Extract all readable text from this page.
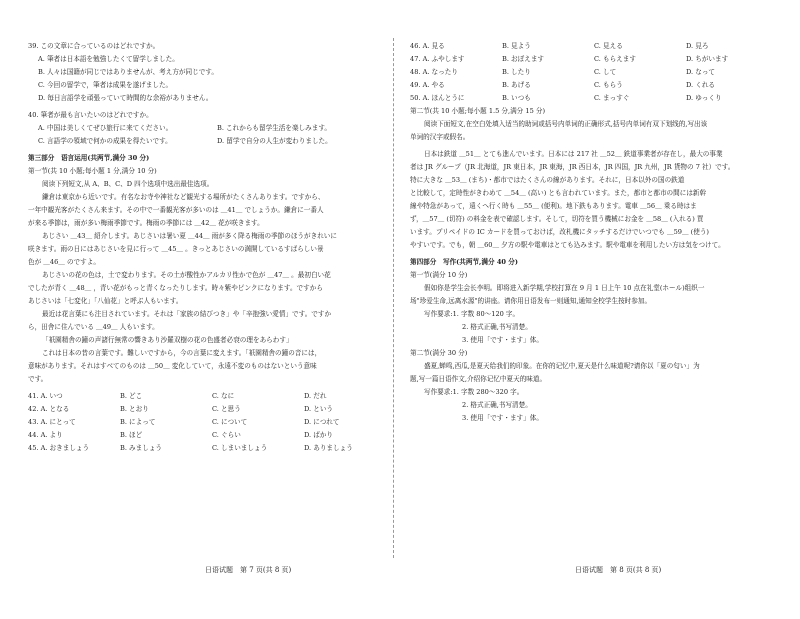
39. この文章に合っているのはどれですか。
A. 筆者は日本語を勉強したくて留学しました。
B. 人々は国籍が同じではありませんが、考え方が同じです。
C. 今回の留学で，筆者は成果を遂げました。
D. 毎日言語学を頑張っていて時間的な余裕がありません。
40. 筆者が最も言いたいのはどれですか。
A. 中国は美しくてぜひ旅行に来てください。	B. これからも留学生活を楽しみます。
C. 言語学の領域で何かの成果を得たいです。	D. 留学で自分の人生が変わりました。
第三部分　语言运用(共两节,满分 30 分)
第一节(共 10 小题;每小题 1 分,满分 10 分)
阅读下列短文,从 A、B、C、D 四个选项中选出最佳选项。
鎌倉は東京から近いです。有名なお寺や神社など観光する場所がたくさんあります。ですから、
一年中観光客がたくさん来ます。その中で一番観光客が多いのは ＿41＿ でしょうか。鎌倉に一番人
が来る季節は，雨が多い梅雨季節です。梅雨の季節には ＿42＿ 花が咲きます。
あじさい ＿43＿ 紹介します。あじさいは暑い夏 ＿44＿ 雨が多く降る梅雨の季節のほうがきれいに
咲きます。雨の日にはあじさいを見に行って ＿45＿ 。きっとあじさいの満開しているすばらしい景
色が ＿46＿ のですよ。
あじさいの花の色は，土で変わります。その土が酸性かアルカリ性かで色が ＿47＿ 。最初白い花
でしたが青く ＿48＿ ，青い花がもっと青くなったりします。時々紫やピンクになります。ですから
あじさいは「七変化」「八仙花」と呼ぶ人もいます。
最近は花言葉にも注目されています。それは「家族の結びつき」や「辛抱強い愛情」です。ですか
ら，田舎に住んでいる ＿49＿ 人もいます。
「祇園精舎の鐘の声諸行無常の響きあり沙羅双樹の花の色盛者必衰の理をあらわす」
これは日本の昔の言葉です。難しいですから，今の言葉に変えます。「祇園精舎の鐘の音には，
意味があります。それはすべてのものは ＿50＿ 変化していて，永遠不変のものはないという意味
です。
41. A. いつ	B. どこ	C. なに	D. だれ
42. A. となる	B. とおり	C. と思う	D. という
43. A. にとって	B. によって	C. について	D. につれて
44. A. より	B. ほど	C. ぐらい	D. ばかり
45. A. おきましょう	B. みましょう	C. しまいましょう	D. ありましょう
46. A. 見る	B. 見よう	C. 見える	D. 見ろ
47. A. ふやします	B. おぼえます	C. もらえます	D. ちがいます
48. A. なったり	B. したり	C. して	D. なって
49. A. やる	B. あげる	C. もらう	D. くれる
50. A. ほんとうに	B. いつも	C. まっすぐ	D. ゆっくり
第二节(共 10 小题;每小题 1.5 分,满分 15 分)
阅读下面短文,在空白处填入适当的助词或括号内单词的正确形式,括号内单词有双下划线的,写出该
单词的汉字或假名。
日本は鉄道 ＿51＿ とても進んでいます。日本には 217 社 ＿52＿ 鉄道事業者が存在し，最大の事業
者は JR グループ（JR 北海道，JR 東日本，JR 東海，JR 西日本，JR 四国，JR 九州，JR 貨物の 7 社）です。
特に大きな ＿53＿ (まち)・都市ではたくさんの線があります。それに，日本以外の国の鉄道
と比較して，定時性がきわめて ＿54＿ (高い) とも言われています。また，都市と都市の間には新幹
線や特急があって，遠くへ行く時も ＿55＿ (便利)。地下鉄もあります。電車 ＿56＿ 乗る時はま
ず，＿57＿ (切符) の料金を表で確認します。そして，切符を買う機械にお金を ＿58＿ (入れる) 買
います。プリペイドの IC カードを買っておけば，改札機にタッチするだけでいつでも ＿59＿ (使う)
やすいです。でも，朝 ＿60＿ 夕方の駅や電車はとても込みます。駅や電車を利用したい方は気をつけて。
第四部分　写作(共两节,满分 40 分)
第一节(满分 10 分)
假如你是学生会长李明。即将进入新学期,学校打算在 9 月 1 日上午 10 点在礼堂(ホール)组织一
场"珍爱生命,远离水源"的讲座。请你用日语发布一则通知,通知全校学生按时参加。
写作要求:1. 字数 80～120 字。
2. 格式正确,书写清楚。
3. 使用「です・ます」体。
第二节(满分 30 分)
盛夏,蝉鸣,西瓜,是夏天给我们的印象。在你的记忆中,夏天是什么味道呢?请你以「夏の匂い」为
题,写一篇日语作文,介绍你记忆中夏天的味道。
写作要求:1. 字数 280～320 字。
2. 格式正确,书写清楚。
3. 使用「です・ます」体。
日语试题　第 7 页(共 8 页)	日语试题　第 8 页(共 8 页)
